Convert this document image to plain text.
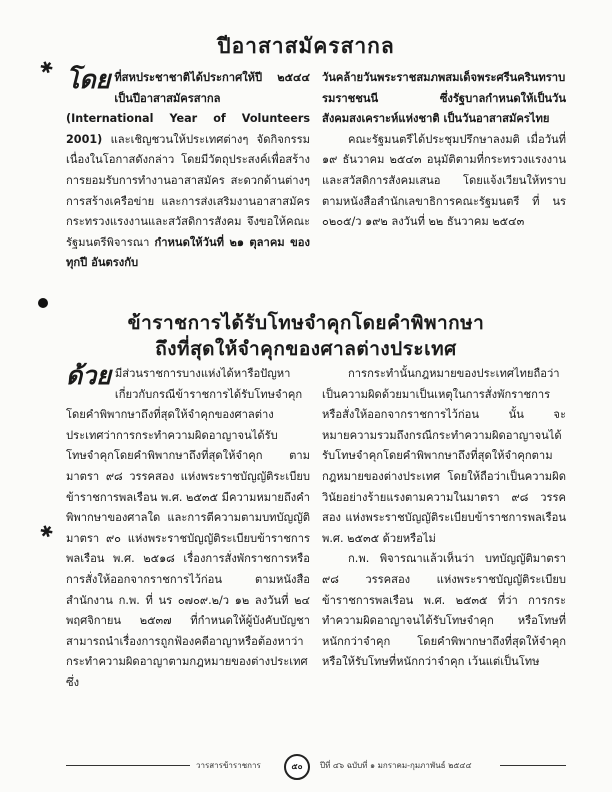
ปีอาสาสมัครสากล
✱ โดย ที่สหประชาชาติได้ประกาศให้ปี ๒๕๔๔ เป็นปีอาสาสมัครสากล (International Year of Volunteers 2001) และเชิญชวนให้ประเทศต่างๆ จัดกิจกรรมเนื่องในโอกาสดังกล่าว โดยมีวัตถุประสงค์เพื่อสร้างการยอมรับการทำงานอาสาสมัคร สะดวกด้านต่างๆ การสร้างเครือข่าย และการส่งเสริมงานอาสาสมัคร กระทรวงแรงงานและสวัสดิการสังคม จึงขอให้คณะรัฐมนตรีพิจารณา กำหนดให้วันที่ ๒๑ ตุลาคม ของทุกปี อันตรงกับ

วันคล้ายวันพระราชสมภพสมเด็จพระศรีนครินทราบรมราชชนนี ซึ่งรัฐบาลกำหนดให้เป็นวันสังคมสงเคราะห์แห่งชาติ เป็นวันอาสาสมัครไทย

คณะรัฐมนตรีได้ประชุมปรึกษาลงมติ เมื่อวันที่ ๑๙ ธันวาคม ๒๕๔๓ อนุมัติตามที่กระทรวงแรงงานและสวัสดิการสังคมเสนอ โดยแจ้งเวียนให้ทราบตามหนังสือสำนักเลขาธิการคณะรัฐมนตรี ที่ นร ๐๒๐๕/ว ๑๙๒ ลงวันที่ ๒๒ ธันวาคม ๒๕๔๓

ข้าราชการได้รับโทษจำคุกโดยคำพิพากษา
ถึงที่สุดให้จำคุกของศาลต่างประเทศ
✱

ด้วย มีส่วนราชการบางแห่งได้หารือปัญหาเกี่ยวกับกรณีข้าราชการได้รับโทษจำคุก โดยคำพิพากษาถึงที่สุดให้จำคุกของศาลต่างประเทศว่าการกระทำความผิดอาญาจนได้รับโทษจำคุกโดยคำพิพากษาถึงที่สุดให้จำคุก ตามมาตรา ๙๘ วรรคสอง แห่งพระราชบัญญัติระเบียบข้าราชการพลเรือน พ.ศ. ๒๕๓๕ มีความหมายถึงคำพิพากษาของศาลใด และการตีความตามบทบัญญัติมาตรา ๙๐ แห่งพระราชบัญญัติระเบียบข้าราชการพลเรือน พ.ศ. ๒๕๑๘ เรื่องการสั่งพักราชการหรือการสั่งให้ออกจากราชการไว้ก่อน ตามหนังสือสำนักงาน ก.พ. ที่ นร ๐๗๐๙.๒/ว ๑๒ ลงวันที่ ๒๔ พฤศจิกายน ๒๕๓๗ ที่กำหนดให้ผู้บังคับบัญชาสามารถนำเรื่องการถูกฟ้องคดีอาญาหรือต้องหาว่ากระทำความผิดอาญาตามกฎหมายของต่างประเทศซึ่ง

การกระทำนั้นกฎหมายของประเทศไทยถือว่าเป็นความผิดด้วยมาเป็นเหตุในการสั่งพักราชการหรือสั่งให้ออกจากราชการไว้ก่อน นั้น จะหมายความรวมถึงกรณีกระทำความผิดอาญาจนได้รับโทษจำคุกโดยคำพิพากษาถึงที่สุดให้จำคุกตามกฎหมายของต่างประเทศ โดยให้ถือว่าเป็นความผิดวินัยอย่างร้ายแรงตามความในมาตรา ๙๘ วรรคสอง แห่งพระราชบัญญัติระเบียบข้าราชการพลเรือน พ.ศ. ๒๕๓๕ ด้วยหรือไม่

ก.พ. พิจารณาแล้วเห็นว่า บทบัญญัติมาตรา ๙๘ วรรคสอง แห่งพระราชบัญญัติระเบียบข้าราชการพลเรือน พ.ศ. ๒๕๓๕ ที่ว่า การกระทำความผิดอาญาจนได้รับโทษจำคุก หรือโทษที่หนักกว่าจำคุก โดยคำพิพากษาถึงที่สุดให้จำคุก หรือให้รับโทษที่หนักกว่าจำคุก เว้นแต่เป็นโทษ

วารสารข้าราชการ	๕๐	ปีที่ ๔๖ ฉบับที่ ๑ มกราคม-กุมภาพันธ์ ๒๕๔๔
